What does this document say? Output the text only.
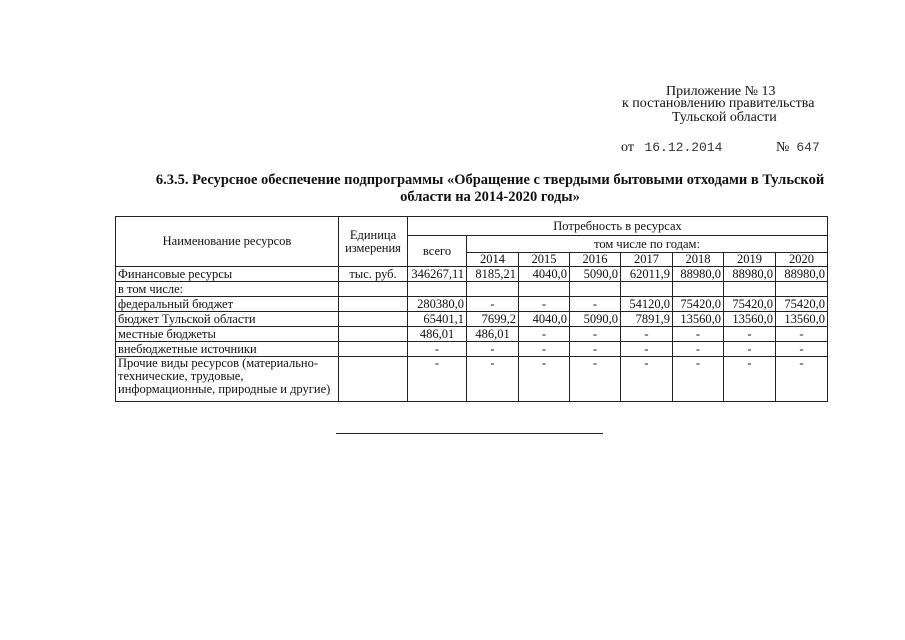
Приложение № 13
к постановлению правительства
Тульской области
от 16.12.2014	№ 647
6.3.5. Ресурсное обеспечение подпрограммы «Обращение с твердыми бытовыми отходами в Тульской
области на 2014-2020 годы»
Наименование ресурсов	Единица измерения	Потребность в ресурсах							
		всего	том числе по годам:						
			2014	2015	2016	2017	2018	2019	2020
Финансовые ресурсы	тыс. руб.	346267,11	8185,21	4040,0	5090,0	62011,9	88980,0	88980,0	88980,0
в том числе:									
федеральный бюджет		280380,0	-	-	-	54120,0	75420,0	75420,0	75420,0
бюджет Тульской области		65401,1	7699,2	4040,0	5090,0	7891,9	13560,0	13560,0	13560,0
местные бюджеты		486,01	486,01	-	-	-	-	-	-
внебюджетные источники		-	-	-	-	-	-	-	-
Прочие виды ресурсов (материально-технические, трудовые, информационные, природные и другие)		-	-	-	-	-	-	-	-
